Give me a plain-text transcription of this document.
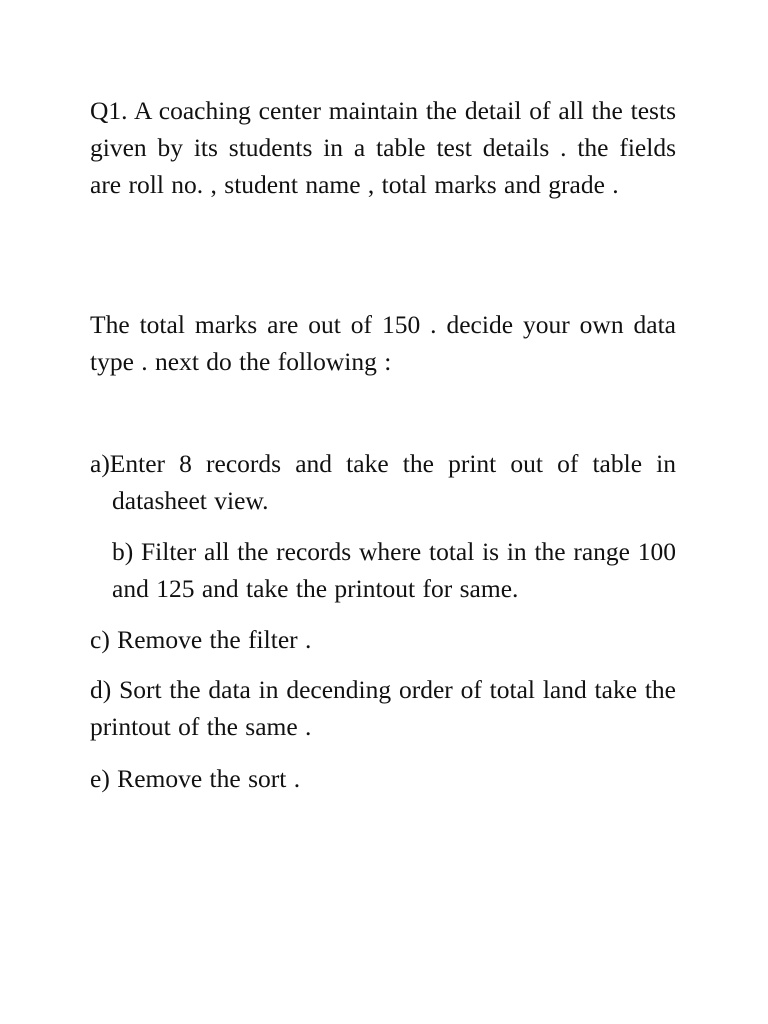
Q1. A coaching center maintain the detail of all the tests given by its students in a table test details . the fields are roll no. , student name , total marks and grade .

The total marks are out of 150 . decide your own data type . next do the following :

a)Enter 8 records and take the print out of table in datasheet view.

b) Filter all the records where total is in the range 100 and 125 and take the printout for same.

c) Remove the filter .

d) Sort the data in decending order of total land take the printout of the same .

e) Remove the sort .
